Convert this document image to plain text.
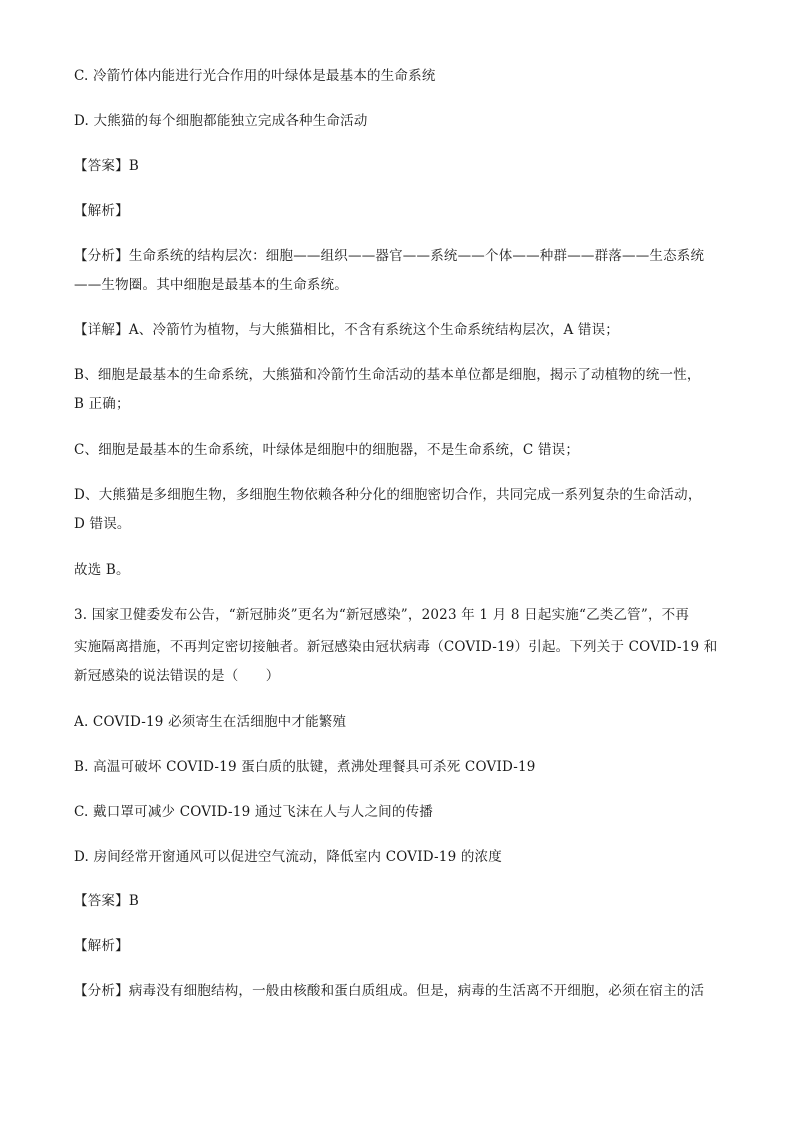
C. 冷箭竹体内能进行光合作用的叶绿体是最基本的生命系统
D. 大熊猫的每个细胞都能独立完成各种生命活动
【答案】B
【解析】
【分析】生命系统的结构层次：细胞——组织——器官——系统——个体——种群——群落——生态系统
——生物圈。其中细胞是最基本的生命系统。
【详解】A、冷箭竹为植物，与大熊猫相比，不含有系统这个生命系统结构层次，A 错误；
B、细胞是最基本的生命系统，大熊猫和冷箭竹生命活动的基本单位都是细胞，揭示了动植物的统一性，
B 正确；
C、细胞是最基本的生命系统，叶绿体是细胞中的细胞器，不是生命系统，C 错误；
D、大熊猫是多细胞生物，多细胞生物依赖各种分化的细胞密切合作，共同完成一系列复杂的生命活动，
D 错误。
故选 B。
3. 国家卫健委发布公告，“新冠肺炎”更名为“新冠感染”，2023 年 1 月 8 日起实施“乙类乙管”，不再
实施隔离措施，不再判定密切接触者。新冠感染由冠状病毒（COVID-19）引起。下列关于 COVID-19 和
新冠感染的说法错误的是（　　）
A. COVID-19 必须寄生在活细胞中才能繁殖
B. 高温可破坏 COVID-19 蛋白质的肽键，煮沸处理餐具可杀死 COVID-19
C. 戴口罩可减少 COVID-19 通过飞沫在人与人之间的传播
D. 房间经常开窗通风可以促进空气流动，降低室内 COVID-19 的浓度
【答案】B
【解析】
【分析】病毒没有细胞结构，一般由核酸和蛋白质组成。但是，病毒的生活离不开细胞，必须在宿主的活
